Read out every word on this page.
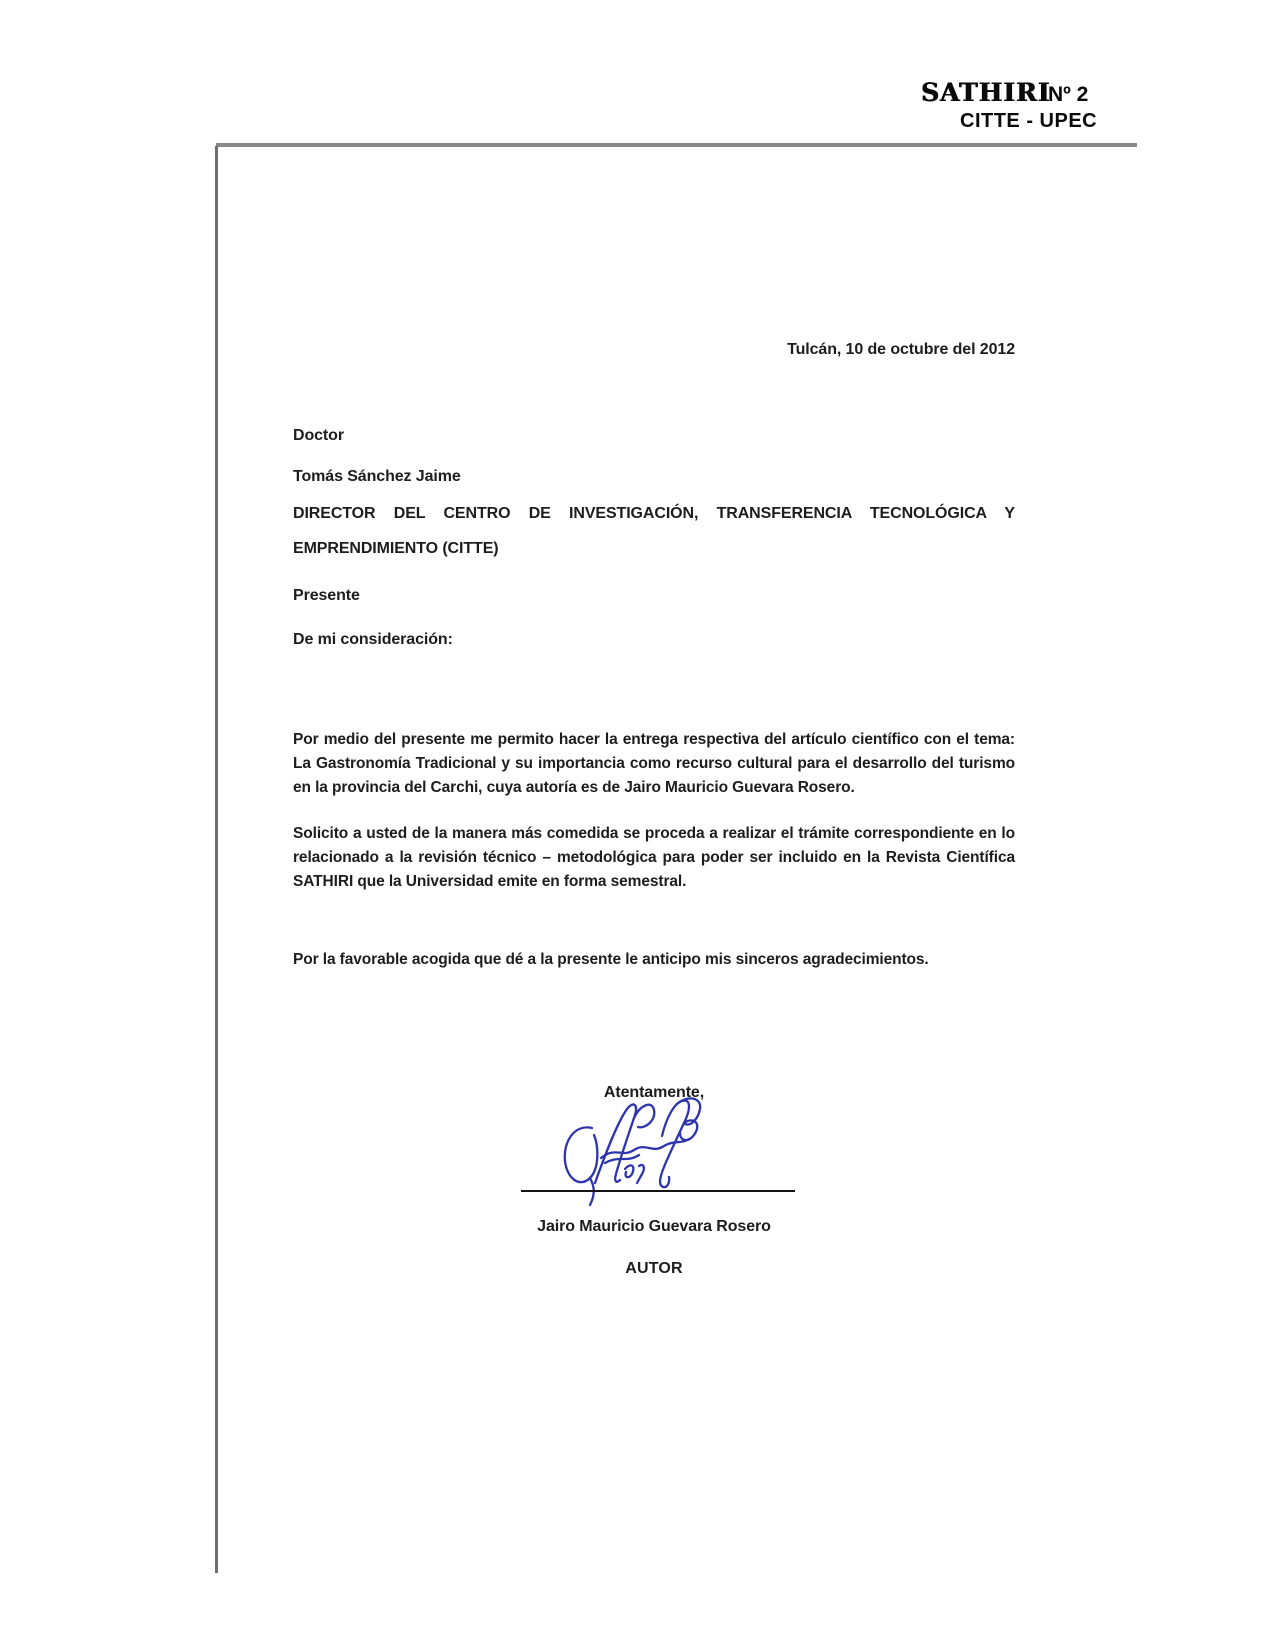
SATHIRI
Nº 2
CITTE - UPEC
Tulcán, 10 de octubre del 2012
Doctor
Tomás Sánchez Jaime
DIRECTOR DEL CENTRO DE INVESTIGACIÓN, TRANSFERENCIA TECNOLÓGICA Y
EMPRENDIMIENTO (CITTE)
Presente
De mi consideración:
Por medio del presente me permito hacer la entrega respectiva del artículo científico con el tema: La Gastronomía Tradicional y su importancia como recurso cultural para el desarrollo del turismo en la provincia del Carchi, cuya autoría es de Jairo Mauricio Guevara Rosero.
Solicito a usted de la manera más comedida se proceda a realizar el trámite correspondiente en lo relacionado a la revisión técnico – metodológica para poder ser incluido en la Revista Científica SATHIRI que la Universidad emite en forma semestral.
Por la favorable acogida que dé a la presente le anticipo mis sinceros agradecimientos.
Atentamente,
Jairo Mauricio Guevara Rosero
AUTOR
